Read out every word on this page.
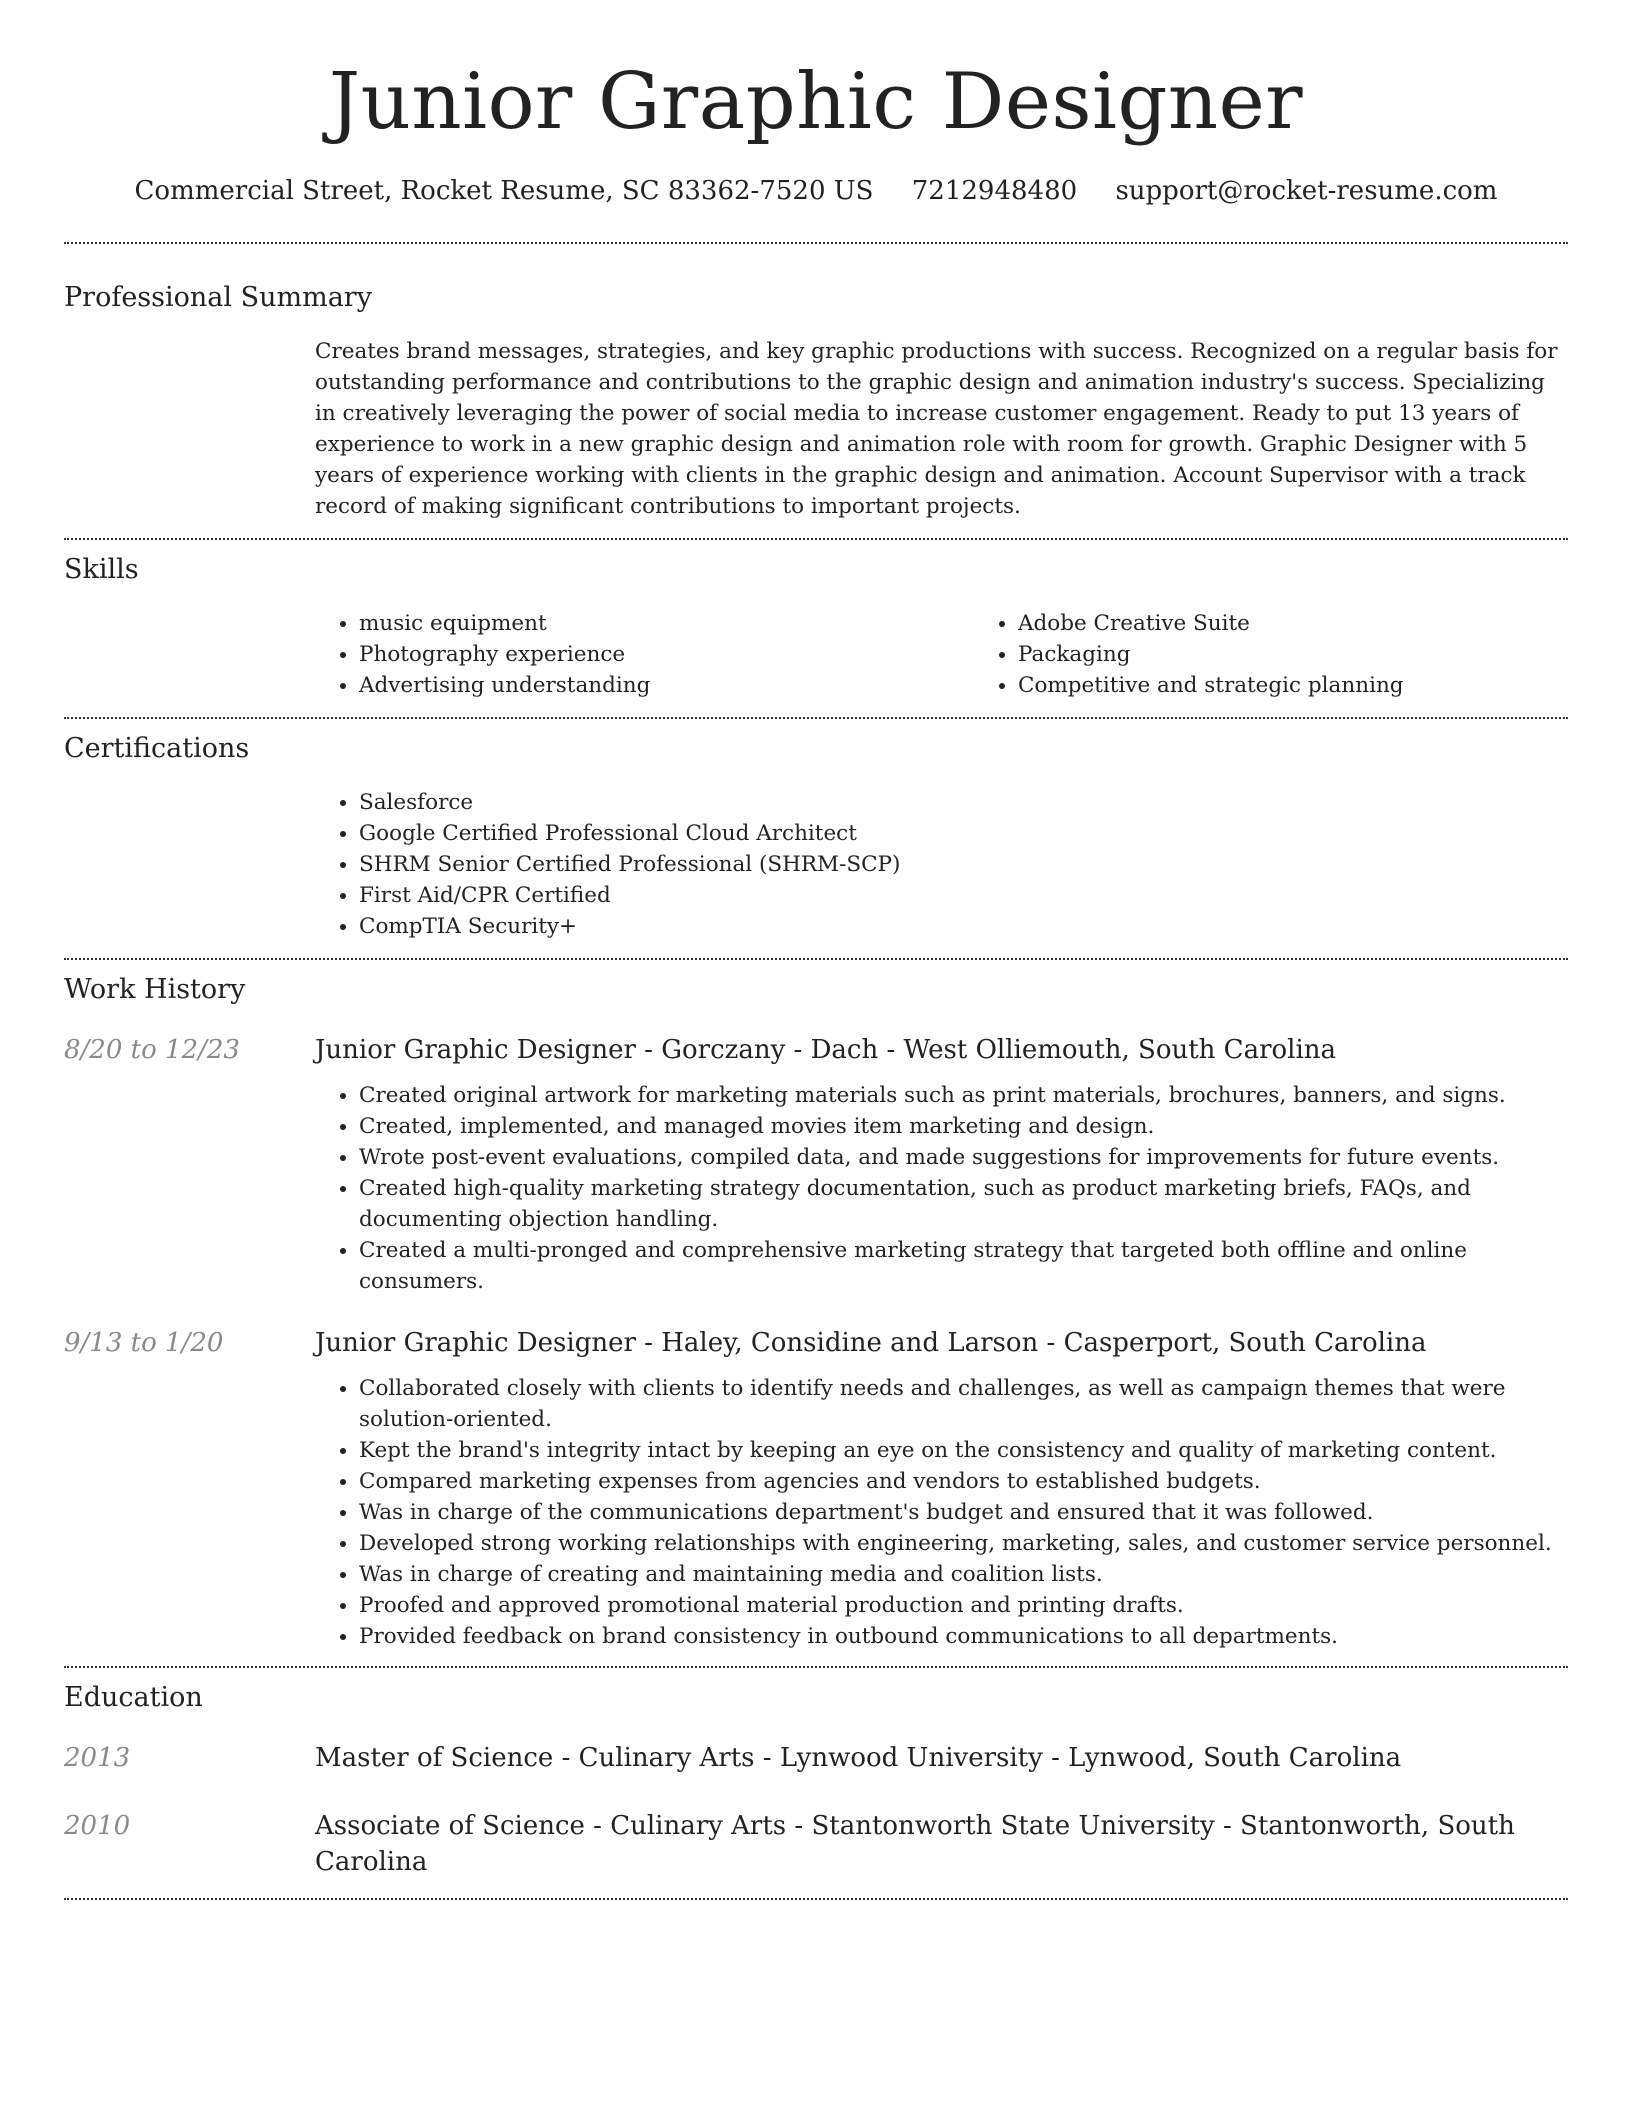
Junior Graphic Designer
Commercial Street, Rocket Resume, SC 83362-7520 US 7212948480 support@rocket-resume.com
Professional Summary

Creates brand messages, strategies, and key graphic productions with success. Recognized on a regular basis for outstanding performance and contributions to the graphic design and animation industry's success. Specializing in creatively leveraging the power of social media to increase customer engagement. Ready to put 13 years of experience to work in a new graphic design and animation role with room for growth. Graphic Designer with 5 years of experience working with clients in the graphic design and animation. Account Supervisor with a track record of making significant contributions to important projects.

Skills
• music equipment
• Photography experience
• Advertising understanding
• Adobe Creative Suite
• Packaging
• Competitive and strategic planning
Certifications
• Salesforce
• Google Certified Professional Cloud Architect
• SHRM Senior Certified Professional (SHRM-SCP)
• First Aid/CPR Certified
• CompTIA Security+
Work History
8/20 to 12/23	Junior Graphic Designer - Gorczany - Dach - West Olliemouth, South Carolina
• Created original artwork for marketing materials such as print materials, brochures, banners, and signs.
• Created, implemented, and managed movies item marketing and design.
• Wrote post-event evaluations, compiled data, and made suggestions for improvements for future events.
• Created high-quality marketing strategy documentation, such as product marketing briefs, FAQs, and documenting objection handling.
• Created a multi-pronged and comprehensive marketing strategy that targeted both offline and online consumers.
9/13 to 1/20	Junior Graphic Designer - Haley, Considine and Larson - Casperport, South Carolina
• Collaborated closely with clients to identify needs and challenges, as well as campaign themes that were solution-oriented.
• Kept the brand's integrity intact by keeping an eye on the consistency and quality of marketing content.
• Compared marketing expenses from agencies and vendors to established budgets.
• Was in charge of the communications department's budget and ensured that it was followed.
• Developed strong working relationships with engineering, marketing, sales, and customer service personnel.
• Was in charge of creating and maintaining media and coalition lists.
• Proofed and approved promotional material production and printing drafts.
• Provided feedback on brand consistency in outbound communications to all departments.
Education
2013	Master of Science - Culinary Arts - Lynwood University - Lynwood, South Carolina

2010	Associate of Science - Culinary Arts - Stantonworth State University - Stantonworth, South Carolina
